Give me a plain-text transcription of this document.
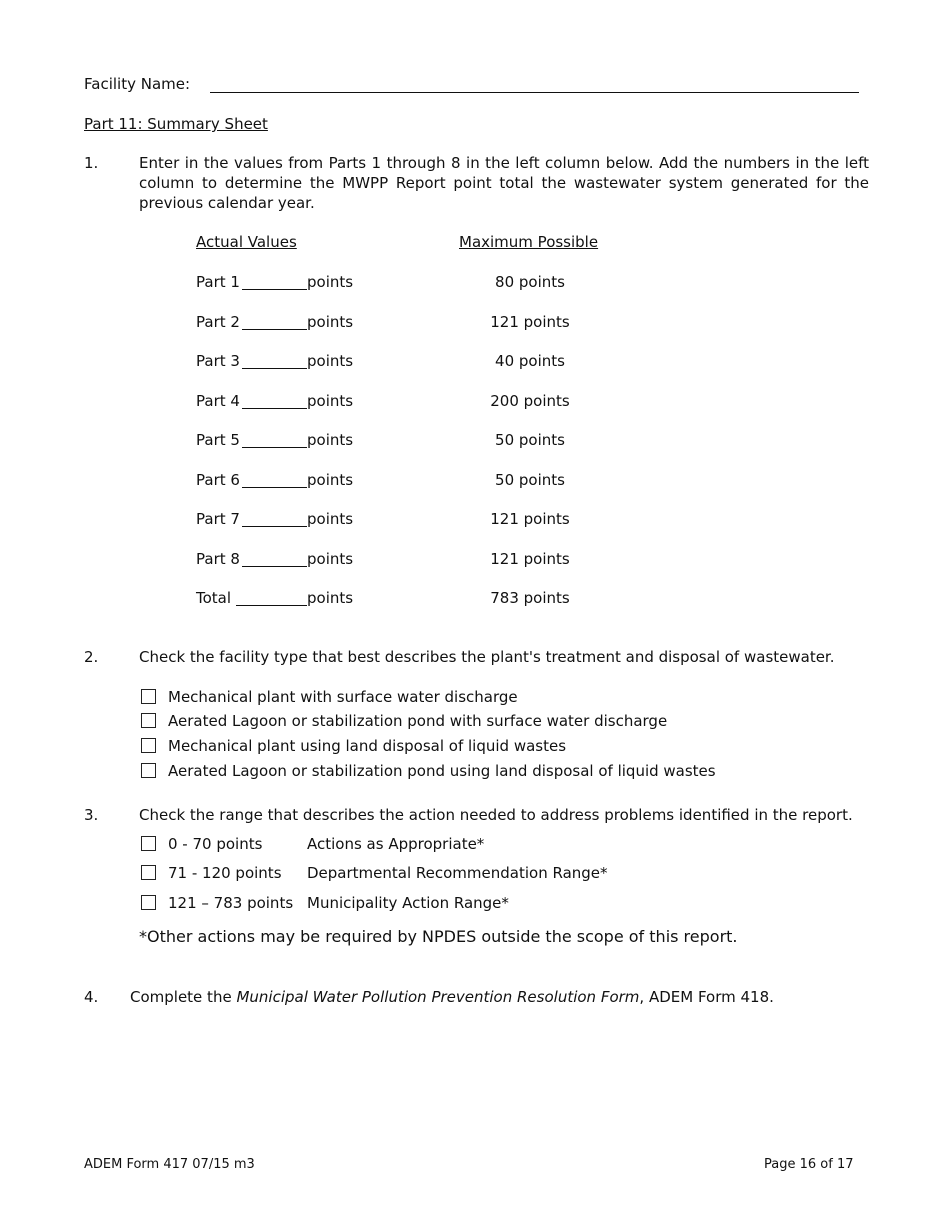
Facility Name:
Part 11: Summary Sheet
1.	Enter in the values from Parts 1 through 8 in the left column below. Add the numbers in the left column to determine the MWPP Report point total the wastewater system generated for the previous calendar year.
Actual Values	Maximum Possible
Part 1	points	80 points
Part 2	points	121 points
Part 3	points	40 points
Part 4	points	200 points
Part 5	points	50 points
Part 6	points	50 points
Part 7	points	121 points
Part 8	points	121 points
Total	points	783 points
2.	Check the facility type that best describes the plant's treatment and disposal of wastewater.
Mechanical plant with surface water discharge
Aerated Lagoon or stabilization pond with surface water discharge
Mechanical plant using land disposal of liquid wastes
Aerated Lagoon or stabilization pond using land disposal of liquid wastes
3.	Check the range that describes the action needed to address problems identified in the report.
0 - 70 points	Actions as Appropriate*
71 - 120 points Departmental Recommendation Range*
121 – 783 points Municipality Action Range*
*Other actions may be required by NPDES outside the scope of this report.
4. Complete the Municipal Water Pollution Prevention Resolution Form, ADEM Form 418.
ADEM Form 417 07/15 m3	Page 16 of 17
